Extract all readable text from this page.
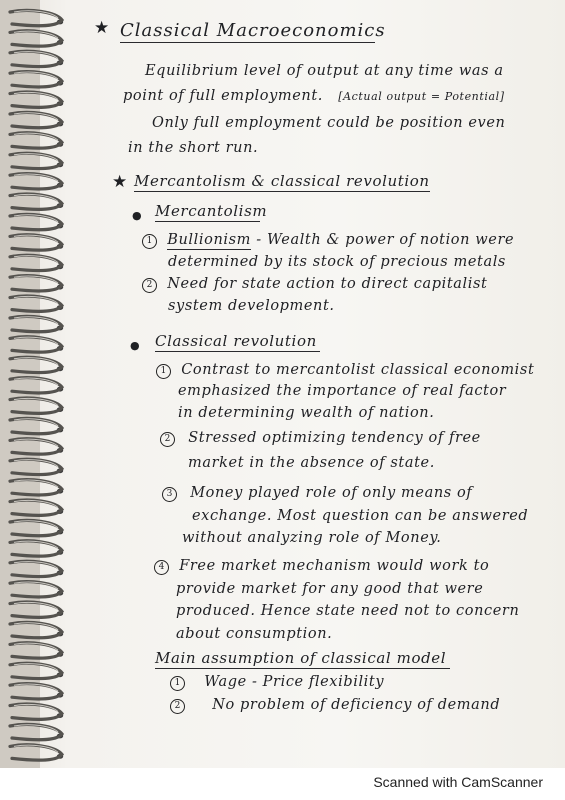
★ Classical Macroeconomics
Equilibrium level of output at any time was a
point of full employment. [Actual output = Potential]
Only full employment could be position even
in the short run.
★ Mercantolism & classical revolution
● Mercantolism
1 Bullionism - Wealth & power of notion were
determined by its stock of precious metals
2 Need for state action to direct capitalist
system development.
● Classical revolution
1 Contrast to mercantolist classical economist
emphasized the importance of real factor
in determining wealth of nation.
2 Stressed optimizing tendency of free
market in the absence of state.
3 Money played role of only means of
exchange. Most question can be answered
without analyzing role of Money.
4 Free market mechanism would work to
provide market for any good that were
produced. Hence state need not to concern
about consumption.
Main assumption of classical model
1 Wage - Price flexibility
2 No problem of deficiency of demand
Scanned with CamScanner
